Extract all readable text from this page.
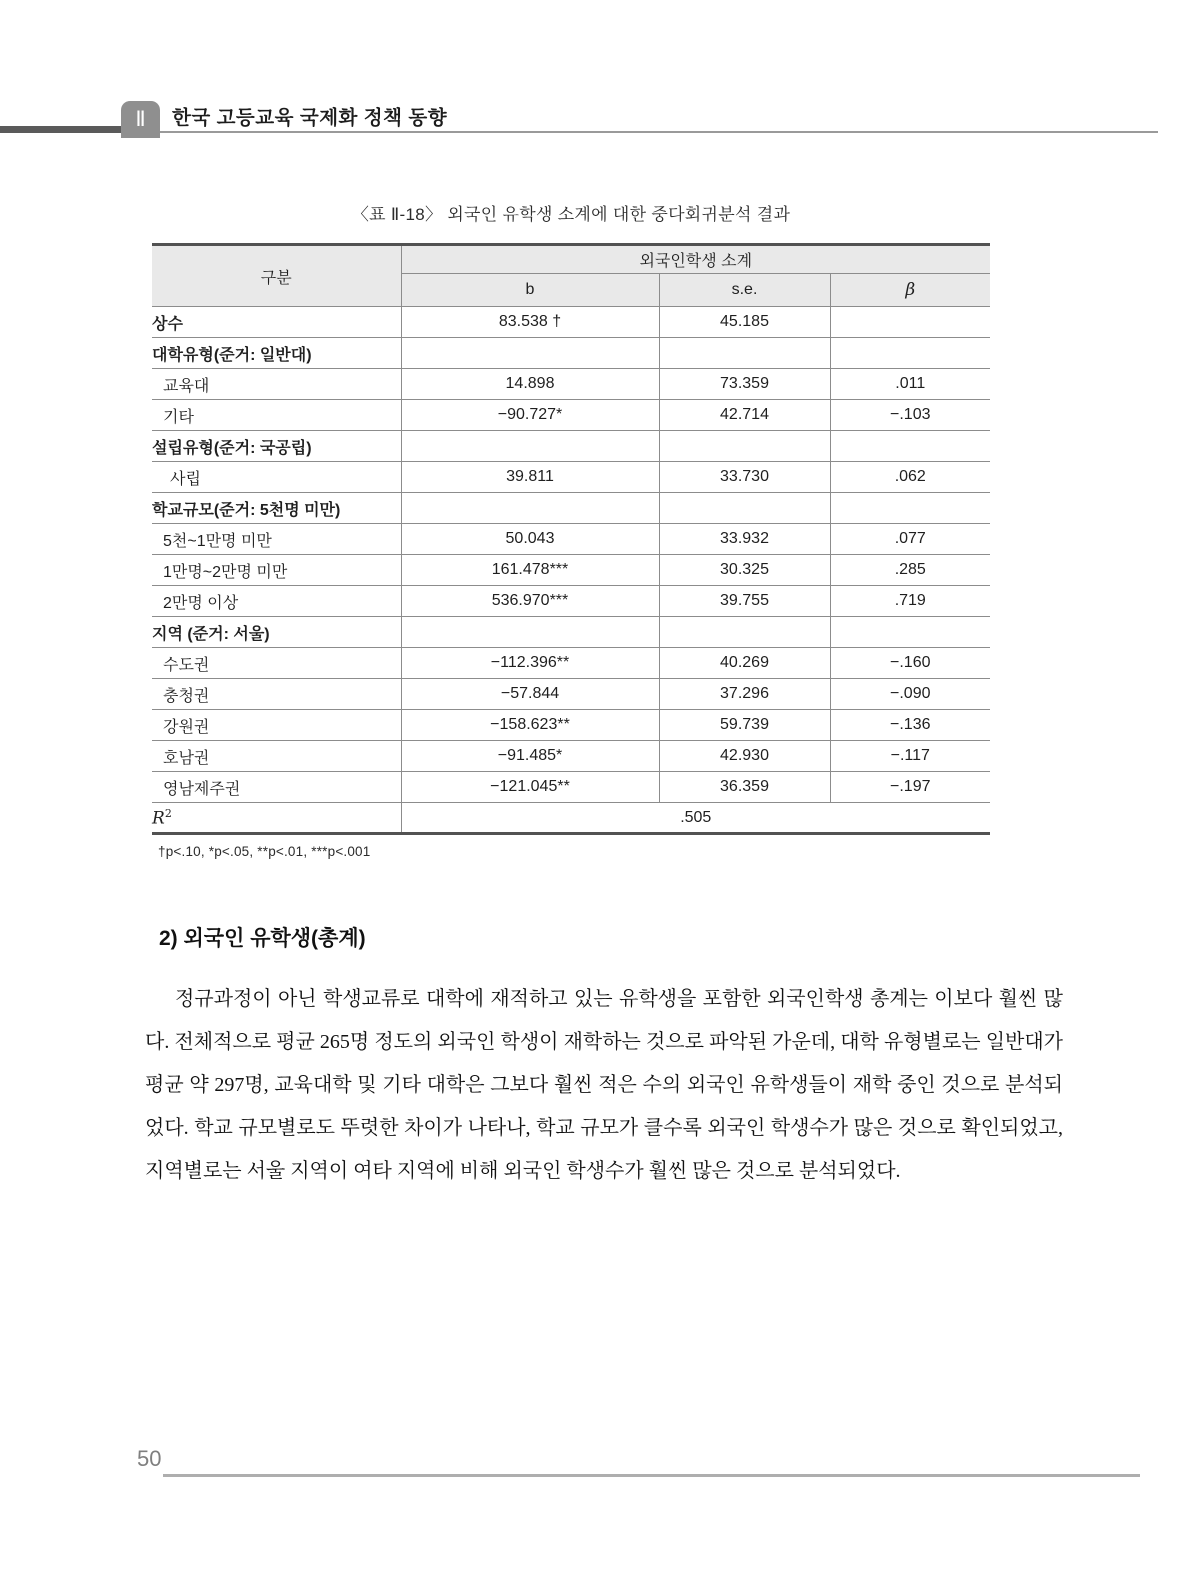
Ⅱ	한국 고등교육 국제화 정책 동향
〈표 Ⅱ-18〉 외국인 유학생 소계에 대한 중다회귀분석 결과
구분	외국인학생 소계		
	b	s.e.	β
상수	83.538 †	45.185	
대학유형(준거: 일반대)			
교육대	14.898	73.359	.011
기타	−90.727*	42.714	−.103
설립유형(준거: 국공립)			
사립	39.811	33.730	.062
학교규모(준거: 5천명 미만)			
5천~1만명 미만	50.043	33.932	.077
1만명~2만명 미만	161.478***	30.325	.285
2만명 이상	536.970***	39.755	.719
지역 (준거: 서울)			
수도권	−112.396**	40.269	−.160
충청권	−57.844	37.296	−.090
강원권	−158.623**	59.739	−.136
호남권	−91.485*	42.930	−.117
영남제주권	−121.045**	36.359	−.197
$R^2$	.505		
†p<.10, *p<.05, **p<.01, ***p<.001
2) 외국인 유학생(총계)

정규과정이 아닌 학생교류로 대학에 재적하고 있는 유학생을 포함한 외국인학생 총계는 이보다 훨씬 많다. 전체적으로 평균 265명 정도의 외국인 학생이 재학하는 것으로 파악된 가운데, 대학 유형별로는 일반대가 평균 약 297명, 교육대학 및 기타 대학은 그보다 훨씬 적은 수의 외국인 유학생들이 재학 중인 것으로 분석되었다. 학교 규모별로도 뚜렷한 차이가 나타나, 학교 규모가 클수록 외국인 학생수가 많은 것으로 확인되었고, 지역별로는 서울 지역이 여타 지역에 비해 외국인 학생수가 훨씬 많은 것으로 분석되었다.

50
